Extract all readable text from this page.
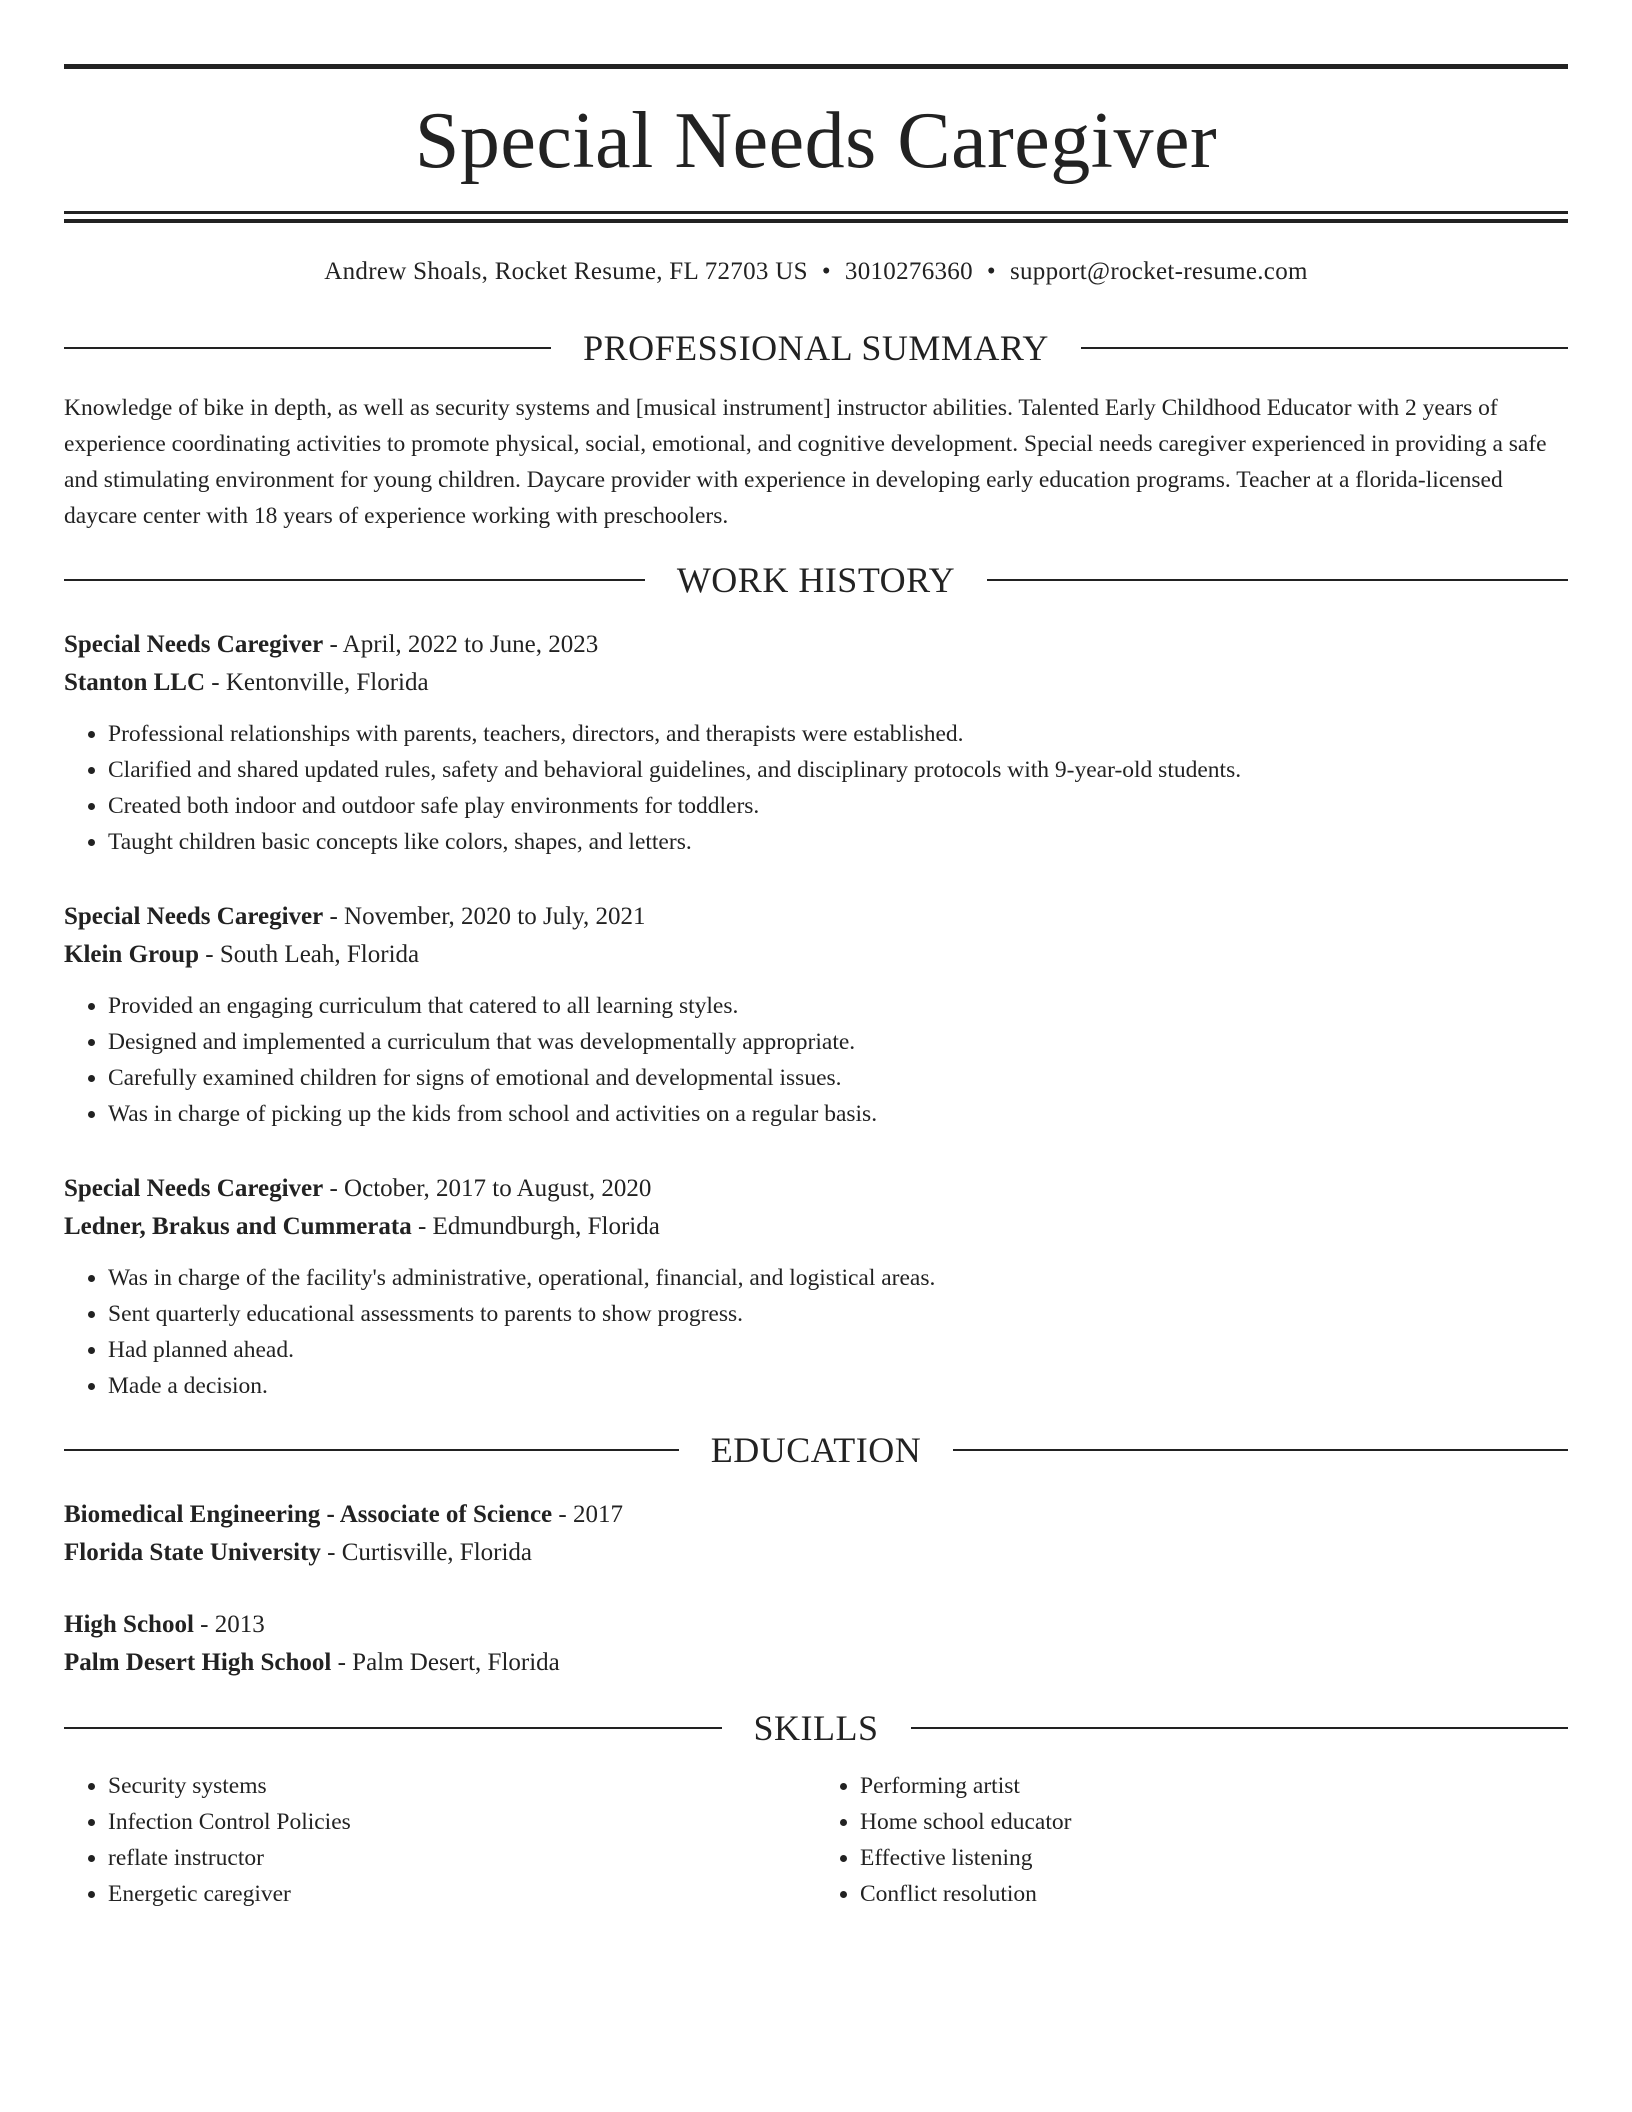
Special Needs Caregiver
Andrew Shoals, Rocket Resume, FL 72703 US • 3010276360 • support@rocket-resume.com
PROFESSIONAL SUMMARY
Knowledge of bike in depth, as well as security systems and [musical instrument] instructor abilities. Talented Early Childhood Educator with 2 years of experience coordinating activities to promote physical, social, emotional, and cognitive development. Special needs caregiver experienced in providing a safe and stimulating environment for young children. Daycare provider with experience in developing early education programs. Teacher at a florida-licensed daycare center with 18 years of experience working with preschoolers.
WORK HISTORY
Special Needs Caregiver - April, 2022 to June, 2023
Stanton LLC - Kentonville, Florida
• Professional relationships with parents, teachers, directors, and therapists were established.
• Clarified and shared updated rules, safety and behavioral guidelines, and disciplinary protocols with 9-year-old students.
• Created both indoor and outdoor safe play environments for toddlers.
• Taught children basic concepts like colors, shapes, and letters.
Special Needs Caregiver - November, 2020 to July, 2021
Klein Group - South Leah, Florida
• Provided an engaging curriculum that catered to all learning styles.
• Designed and implemented a curriculum that was developmentally appropriate.
• Carefully examined children for signs of emotional and developmental issues.
• Was in charge of picking up the kids from school and activities on a regular basis.
Special Needs Caregiver - October, 2017 to August, 2020
Ledner, Brakus and Cummerata - Edmundburgh, Florida
• Was in charge of the facility's administrative, operational, financial, and logistical areas.
• Sent quarterly educational assessments to parents to show progress.
• Had planned ahead.
• Made a decision.
EDUCATION
Biomedical Engineering - Associate of Science - 2017
Florida State University - Curtisville, Florida
High School - 2013
Palm Desert High School - Palm Desert, Florida
SKILLS
• Security systems
• Infection Control Policies
• reflate instructor
• Energetic caregiver
• Performing artist
• Home school educator
• Effective listening
• Conflict resolution
